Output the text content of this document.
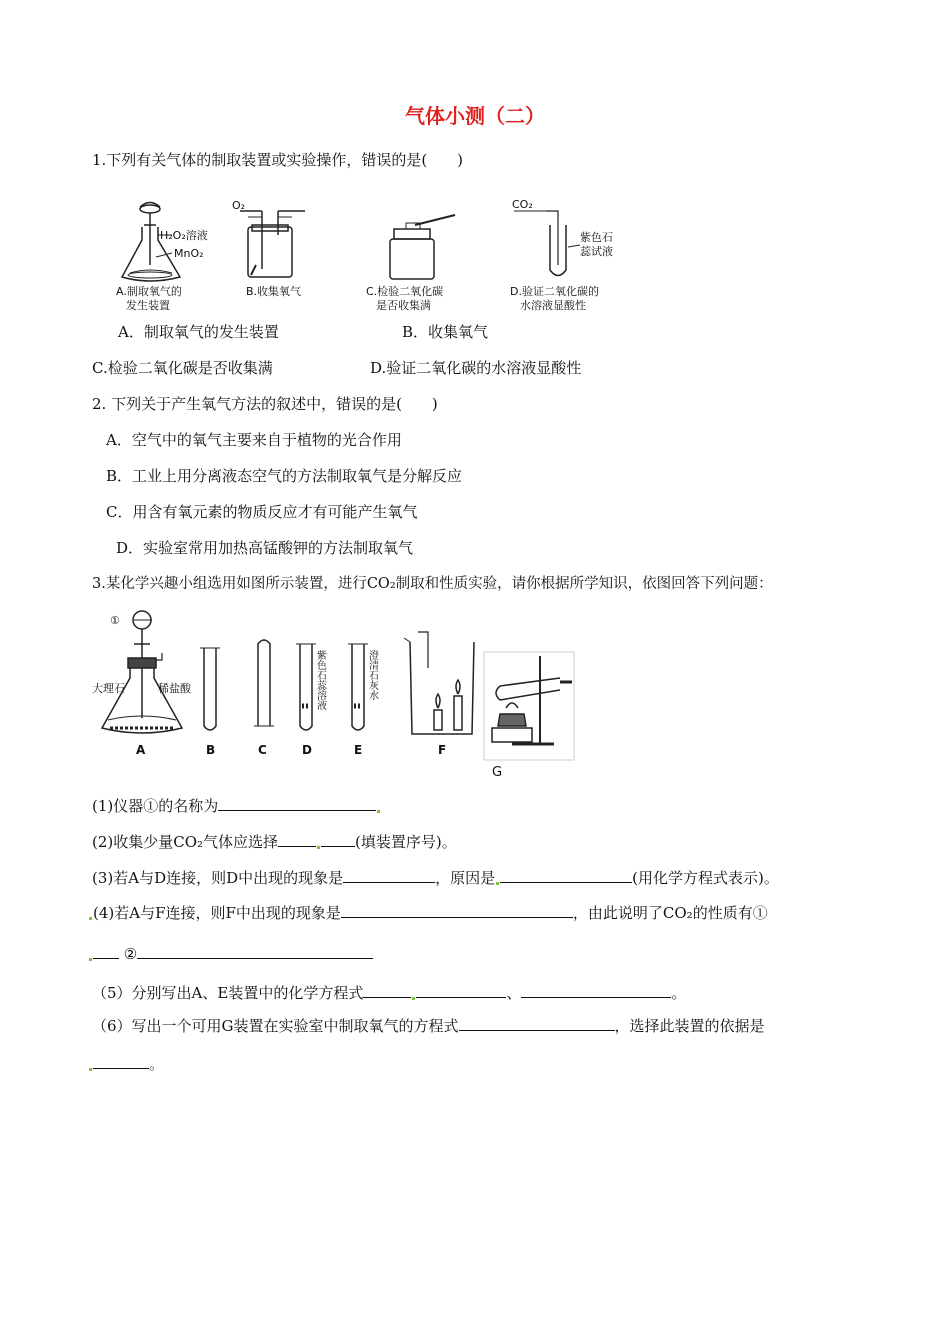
气体小测（二）
1.下列有关气体的制取装置或实验操作，错误的是(　　)
H₂O₂溶液
MnO₂
O₂	CO₂
紫色石
蕊试液
A.制取氧气的
发生装置
B.收集氧气	C.检验二氧化碳
是否收集满
D.验证二氧化碳的
水溶液显酸性
A．制取氧气的发生装置	B．收集氧气
C.检验二氧化碳是否收集满	D.验证二氧化碳的水溶液显酸性
2. 下列关于产生氧气方法的叙述中，错误的是(　　)
A．空气中的氧气主要来自于植物的光合作用
B．工业上用分离液态空气的方法制取氧气是分解反应
C．用含有氧元素的物质反应才有可能产生氧气
D．实验室常用加热高锰酸钾的方法制取氧气
3.某化学兴趣小组选用如图所示装置，进行CO₂制取和性质实验，请你根据所学知识，依图回答下列问题：
①
大理石	稀盐酸	紫色石蕊溶液	澄清石灰水
A	B	C	D	E	F
G
(1)仪器①的名称为
(2)收集少量CO₂气体应选择	(填装置序号)。
(3)若A与D连接，则D中出现的现象是	，原因是	(用化学方程式表示)。
(4)若A与F连接，则F中出现的现象是	，由此说明了CO₂的性质有①
②
（5）分别写出A、E装置中的化学方程式	、	。
（6）写出一个可用G装置在实验室中制取氧气的方程式	，选择此装置的依据是
。
